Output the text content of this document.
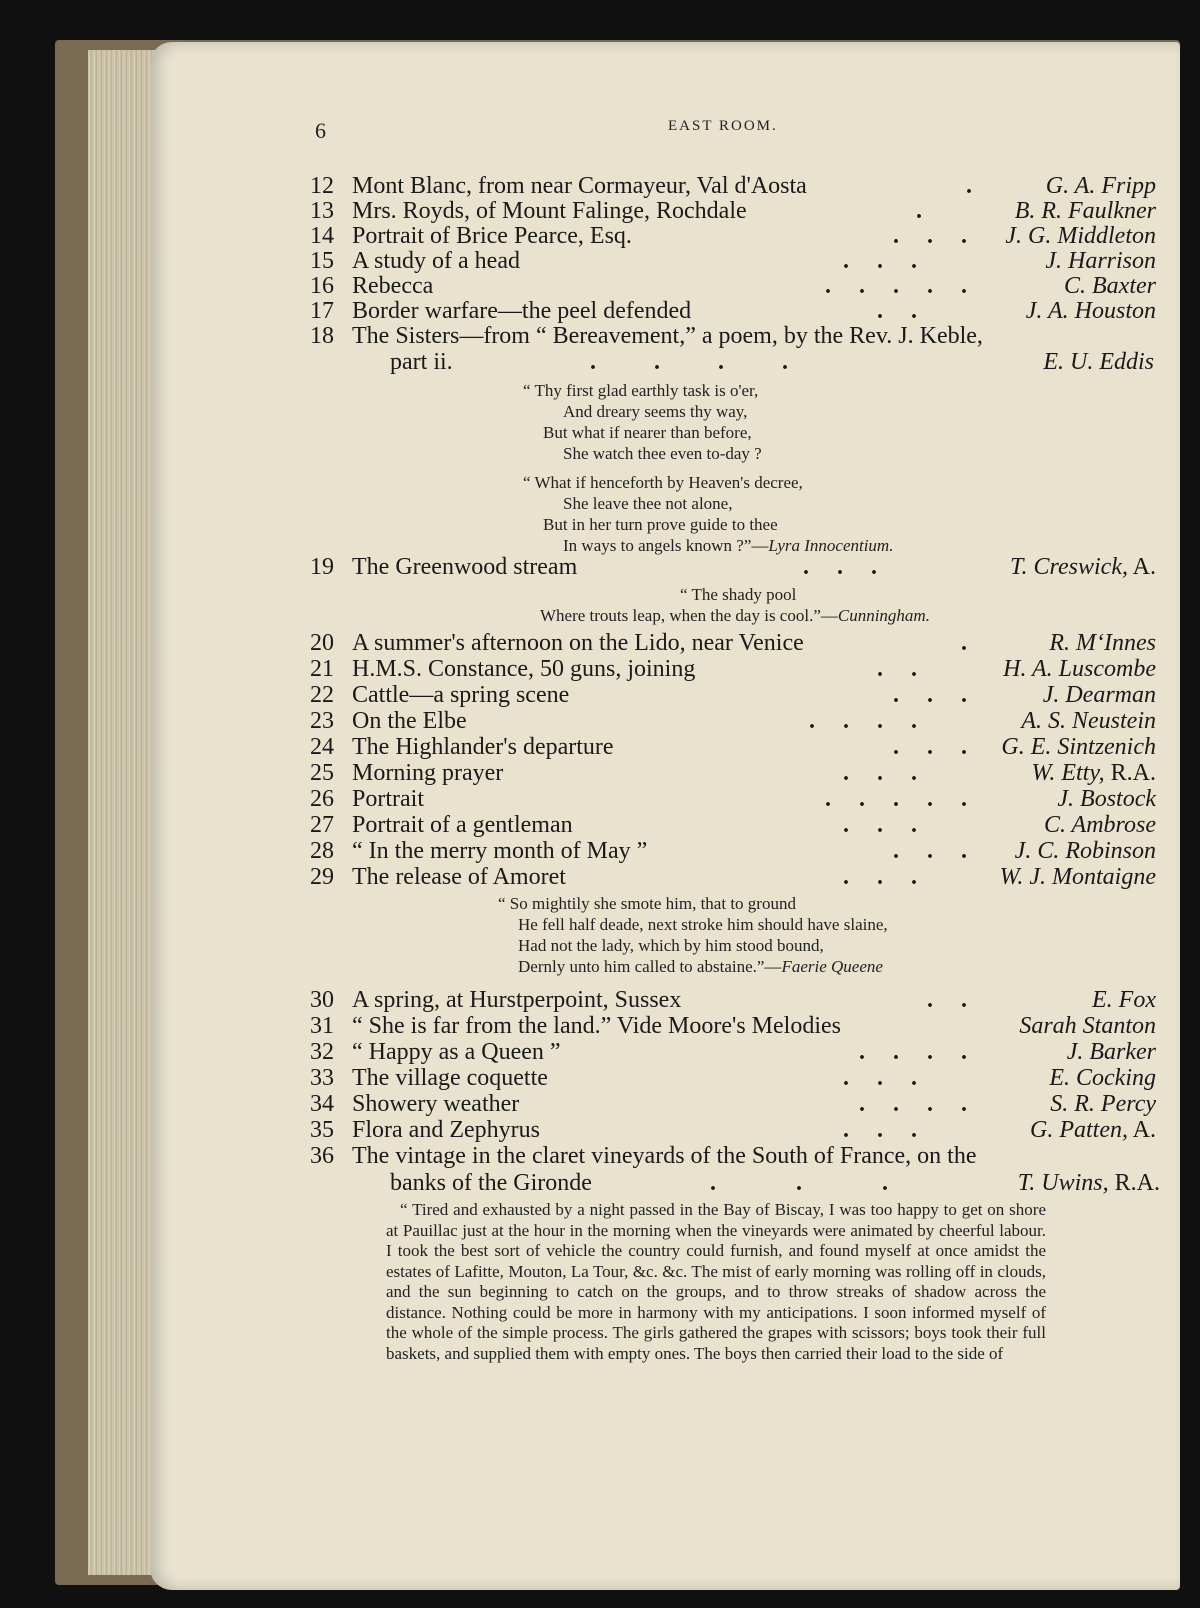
6	EAST ROOM.
12 Mont Blanc, from near Cormayeur, Val d'Aosta	. G. A. Fripp
13 Mrs. Royds, of Mount Falinge, Rochdale	.	B. R. Faulkner
14 Portrait of Brice Pearce, Esq.	... J. G. Middleton
15 A study of a head	...	J. Harrison
16 Rebecca	.....	C. Baxter
17 Border warfare—the peel defended	..	J. A. Houston
18 The Sisters—from “ Bereavement,” a poem, by the Rev. J. Keble,
part ii.	....	E. U. Eddis
“ Thy first glad earthly task is o'er,
And dreary seems thy way,
But what if nearer than before,
She watch thee even to-day ?
“ What if henceforth by Heaven's decree,
She leave thee not alone,
But in her turn prove guide to thee
In ways to angels known ?”—Lyra Innocentium.
19 The Greenwood stream	...	T. Creswick, A.
“ The shady pool
Where trouts leap, when the day is cool.”—Cunningham.
20 A summer's afternoon on the Lido, near Venice	. R. M‘Innes
21 H.M.S. Constance, 50 guns, joining	.. H. A. Luscombe
22 Cattle—a spring scene	... J. Dearman
23 On the Elbe	....	A. S. Neustein
24 The Highlander's departure	... G. E. Sintzenich
25 Morning prayer	...	W. Etty, R.A.
26 Portrait	.....	J. Bostock
27 Portrait of a gentleman	...	C. Ambrose
28 “ In the merry month of May ”	... J. C. Robinson
29 The release of Amoret	... W. J. Montaigne
“ So mightily she smote him, that to ground
He fell half deade, next stroke him should have slaine,
Had not the lady, which by him stood bound,
Dernly unto him called to abstaine.”—Faerie Queene
30 A spring, at Hurstperpoint, Sussex	..	E. Fox
31 “ She is far from the land.” Vide Moore's Melodies	Sarah Stanton
32 “ Happy as a Queen ”	....	J. Barker
33 The village coquette	...	E. Cocking
34 Showery weather	.... S. R. Percy
35 Flora and Zephyrus	...	G. Patten, A.
36 The vintage in the claret vineyards of the South of France, on the
banks of the Gironde	... T. Uwins, R.A.
“ Tired and exhausted by a night passed in the Bay of Biscay, I was too happy to get on shore at Pauillac just at the hour in the morning when the vineyards were animated by cheerful labour. I took the best sort of vehicle the country could furnish, and found myself at once amidst the estates of Lafitte, Mouton, La Tour, &c. &c. The mist of early morning was rolling off in clouds, and the sun beginning to catch on the groups, and to throw streaks of shadow across the distance. Nothing could be more in harmony with my anticipations. I soon informed myself of the whole of the simple process. The girls gathered the grapes with scissors; boys took their full baskets, and supplied them with empty ones. The boys then carried their load to the side of
